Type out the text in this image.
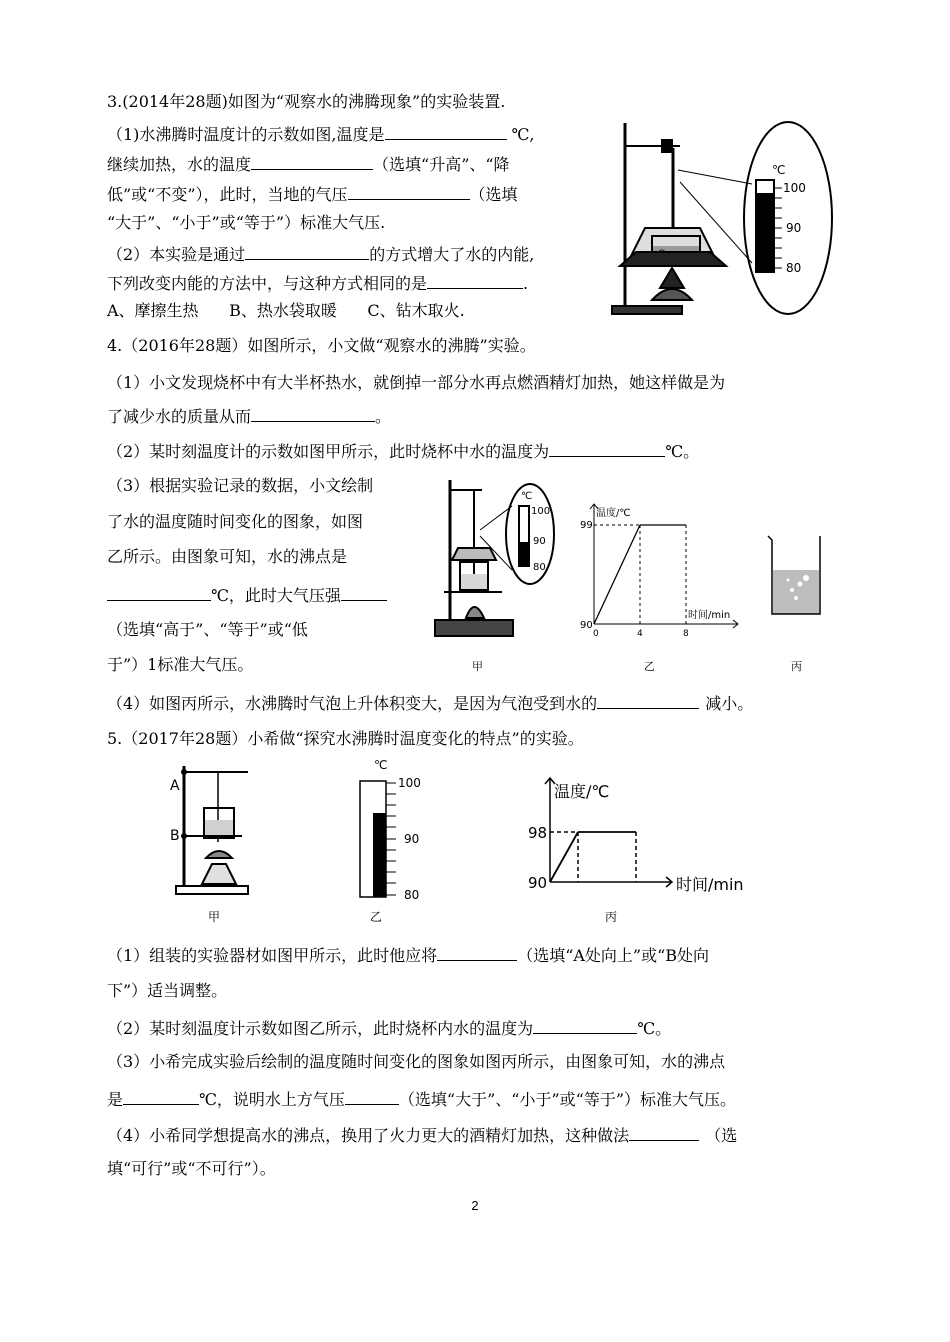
3.(2014年28题)如图为“观察水的沸腾现象”的实验装置.
（1)水沸腾时温度计的示数如图,温度是	℃,
继续加热，水的温度	（选填“升高”、“降
低”或“不变”），此时，当地的气压	（选填
“大于”、“小于”或“等于”）标准大气压.
（2）本实验是通过	的方式增大了水的内能,
下列改变内能的方法中，与这种方式相同的是	.
A、摩擦生热      B、热水袋取暖      C、钻木取火.
℃
100
90
80
4.（2016年28题）如图所示，小文做“观察水的沸腾”实验。
（1）小文发现烧杯中有大半杯热水，就倒掉一部分水再点燃酒精灯加热，她这样做是为
了减少水的质量从而	。
（2）某时刻温度计的示数如图甲所示，此时烧杯中水的温度为	℃。
（3）根据实验记录的数据，小文绘制
了水的温度随时间变化的图象，如图
乙所示。由图象可知，水的沸点是
℃，此时大气压强
（选填“高于”、“等于”或“低
于”）1标准大气压。
（4）如图丙所示，水沸腾时气泡上升体积变大，是因为气泡受到水的	减小。
℃
100
90
80
甲
温度/℃
99
90
0	4	8
时间/min
乙	丙
5.（2017年28题）小希做“探究水沸腾时温度变化的特点”的实验。
A
B
甲
℃
100
90
80
乙
温度/℃
98
90	时间/min
丙
（1）组装的实验器材如图甲所示，此时他应将	（选填“A处向上”或“B处向
下”）适当调整。
（2）某时刻温度计示数如图乙所示，此时烧杯内水的温度为	℃。
（3）小希完成实验后绘制的温度随时间变化的图象如图丙所示，由图象可知，水的沸点
是	℃，说明水上方气压	（选填“大于”、“小于”或“等于”）标准大气压。
（4）小希同学想提高水的沸点，换用了火力更大的酒精灯加热，这种做法	（选
填“可行”或“不可行”）。
2
